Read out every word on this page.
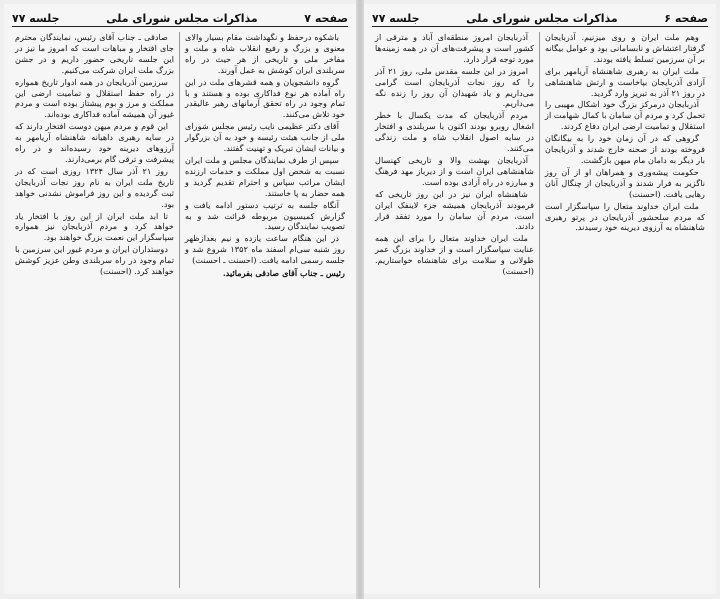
صفحه ۷
مذاکرات مجلس شورای ملی
جلسه ۷۷

باشکوه درحفظ و نگهداشت مقام بسیار والای معنوی و بزرگ و رفیع انقلاب شاه و ملت و مفاخر ملی و تاریخی از هر حیث در راه سربلندی ایران کوشش به عمل آورند.

گروه دانشجویان و همه قشرهای ملت در این راه آماده هر نوع فداکاری بوده و هستند و با تمام وجود در راه تحقق آرمانهای رهبر عالیقدر خود تلاش می‌کنند.

آقای دکتر عظیمی نایب رئیس مجلس شورای ملی از جانب هیئت رئیسه و خود به آن بزرگوار و بیانات ایشان تبریک و تهنیت گفتند.

سپس از طرف نمایندگان مجلس و ملت ایران نسبت به شخص اول مملکت و خدمات ارزنده ایشان مراتب سپاس و احترام تقدیم گردید و همه حضار به پا خاستند.

آنگاه جلسه به ترتیب دستور ادامه یافت و گزارش کمیسیون مربوطه قرائت شد و به تصویب نمایندگان رسید.

در این هنگام ساعت یازده و نیم بعدازظهر روز شنبه سی‌ام اسفند ماه ۱۳۵۲ شروع شد و جلسه رسمی ادامه یافت. (احسنت ـ احسنت)

رئیس ـ جناب آقای صادقی بفرمائید.

صادقی ـ جناب آقای رئیس، نمایندگان محترم جای افتخار و مباهات است که امروز ما نیز در این جلسه تاریخی حضور داریم و در جشن بزرگ ملت ایران شرکت می‌کنیم.

سرزمین آذربایجان در همه ادوار تاریخ همواره در راه حفظ استقلال و تمامیت ارضی این مملکت و مرز و بوم پیشتاز بوده است و مردم غیور آن همیشه آماده فداکاری بوده‌اند.

این قوم و مردم میهن دوست افتخار دارند که در سایه رهبری داهیانه شاهنشاه آریامهر به آرزوهای دیرینه خود رسیده‌اند و در راه پیشرفت و ترقی گام برمی‌دارند.

روز ۲۱ آذر سال ۱۳۲۴ روزی است که در تاریخ ملت ایران به نام روز نجات آذربایجان ثبت گردیده و این روز فراموش نشدنی خواهد بود.

تا ابد ملت ایران از این روز با افتخار یاد خواهد کرد و مردم آذربایجان نیز همواره سپاسگزار این نعمت بزرگ خواهند بود.

دوستداران ایران و مردم غیور این سرزمین با تمام وجود در راه سربلندی وطن عزیز کوشش خواهند کرد. (احسنت)

صفحه ۶
مذاکرات مجلس شورای ملی
جلسه ۷۷

وهم ملت ایران و روی میزنیم. آذربایجان گرفتار اغتشاش و نابسامانی بود و عوامل بیگانه بر آن سرزمین تسلط یافته بودند.

ملت ایران به رهبری شاهنشاه آریامهر برای آزادی آذربایجان بپاخاست و ارتش شاهنشاهی در روز ۲۱ آذر به تبریز وارد گردید.

آذربایجان درمرکز بزرگ خود اشکال مهیبی را تحمل کرد و مردم آن سامان با کمال شهامت از استقلال و تمامیت ارضی ایران دفاع کردند.

گروهی که در آن زمان خود را به بیگانگان فروخته بودند از صحنه خارج شدند و آذربایجان بار دیگر به دامان مام میهن بازگشت.

حکومت پیشه‌وری و همراهان او از آن روز ناگزیر به فرار شدند و آذربایجان از چنگال آنان رهایی یافت. (احسنت)

ملت ایران خداوند متعال را سپاسگزار است که مردم سلحشور آذربایجان در پرتو رهبری شاهنشاه به آرزوی دیرینه خود رسیدند.

آذربایجان امروز منطقه‌ای آباد و مترقی از کشور است و پیشرفت‌های آن در همه زمینه‌ها مورد توجه قرار دارد.

امروز در این جلسه مقدس ملی، روز ۲۱ آذر را که روز نجات آذربایجان است گرامی می‌داریم و یاد شهیدان آن روز را زنده نگه می‌داریم.

مردم آذربایجان که مدت یکسال با خطر اشغال روبرو بودند اکنون با سربلندی و افتخار در سایه اصول انقلاب شاه و ملت زندگی می‌کنند.

آذربایجان بهشت والا و تاریخی کهنسال شاهنشاهی ایران است و از دیرباز مهد فرهنگ و مبارزه در راه آزادی بوده است.

شاهنشاه ایران نیز در این روز تاریخی که فرمودند آذربایجان همیشه جزء لاینفک ایران است، مردم آن سامان را مورد تفقد قرار دادند.

ملت ایران خداوند متعال را برای این همه عنایت سپاسگزار است و از خداوند بزرگ عمر طولانی و سلامت برای شاهنشاه خواستاریم. (احسنت)
